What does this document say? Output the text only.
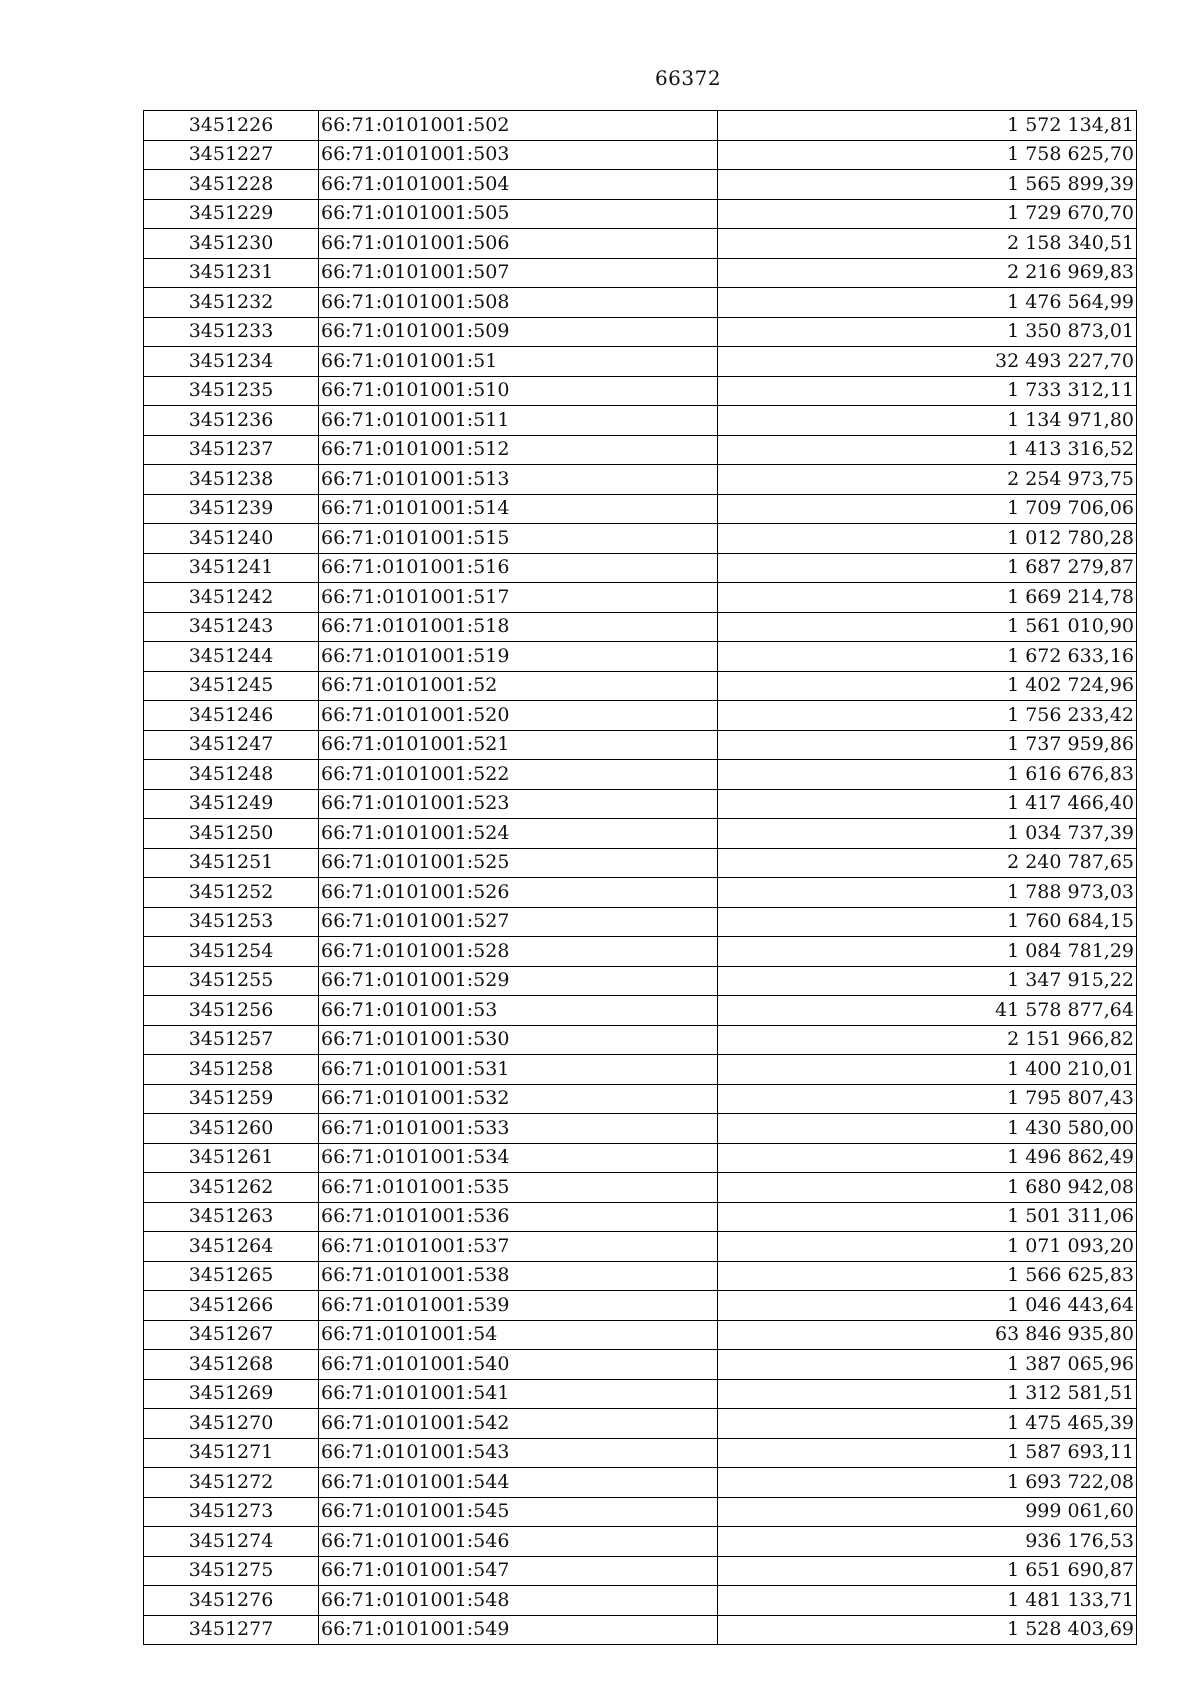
66372
3451226	66:71:0101001:502	1 572 134,81
3451227	66:71:0101001:503	1 758 625,70
3451228	66:71:0101001:504	1 565 899,39
3451229	66:71:0101001:505	1 729 670,70
3451230	66:71:0101001:506	2 158 340,51
3451231	66:71:0101001:507	2 216 969,83
3451232	66:71:0101001:508	1 476 564,99
3451233	66:71:0101001:509	1 350 873,01
3451234	66:71:0101001:51	32 493 227,70
3451235	66:71:0101001:510	1 733 312,11
3451236	66:71:0101001:511	1 134 971,80
3451237	66:71:0101001:512	1 413 316,52
3451238	66:71:0101001:513	2 254 973,75
3451239	66:71:0101001:514	1 709 706,06
3451240	66:71:0101001:515	1 012 780,28
3451241	66:71:0101001:516	1 687 279,87
3451242	66:71:0101001:517	1 669 214,78
3451243	66:71:0101001:518	1 561 010,90
3451244	66:71:0101001:519	1 672 633,16
3451245	66:71:0101001:52	1 402 724,96
3451246	66:71:0101001:520	1 756 233,42
3451247	66:71:0101001:521	1 737 959,86
3451248	66:71:0101001:522	1 616 676,83
3451249	66:71:0101001:523	1 417 466,40
3451250	66:71:0101001:524	1 034 737,39
3451251	66:71:0101001:525	2 240 787,65
3451252	66:71:0101001:526	1 788 973,03
3451253	66:71:0101001:527	1 760 684,15
3451254	66:71:0101001:528	1 084 781,29
3451255	66:71:0101001:529	1 347 915,22
3451256	66:71:0101001:53	41 578 877,64
3451257	66:71:0101001:530	2 151 966,82
3451258	66:71:0101001:531	1 400 210,01
3451259	66:71:0101001:532	1 795 807,43
3451260	66:71:0101001:533	1 430 580,00
3451261	66:71:0101001:534	1 496 862,49
3451262	66:71:0101001:535	1 680 942,08
3451263	66:71:0101001:536	1 501 311,06
3451264	66:71:0101001:537	1 071 093,20
3451265	66:71:0101001:538	1 566 625,83
3451266	66:71:0101001:539	1 046 443,64
3451267	66:71:0101001:54	63 846 935,80
3451268	66:71:0101001:540	1 387 065,96
3451269	66:71:0101001:541	1 312 581,51
3451270	66:71:0101001:542	1 475 465,39
3451271	66:71:0101001:543	1 587 693,11
3451272	66:71:0101001:544	1 693 722,08
3451273	66:71:0101001:545	999 061,60
3451274	66:71:0101001:546	936 176,53
3451275	66:71:0101001:547	1 651 690,87
3451276	66:71:0101001:548	1 481 133,71
3451277	66:71:0101001:549	1 528 403,69
